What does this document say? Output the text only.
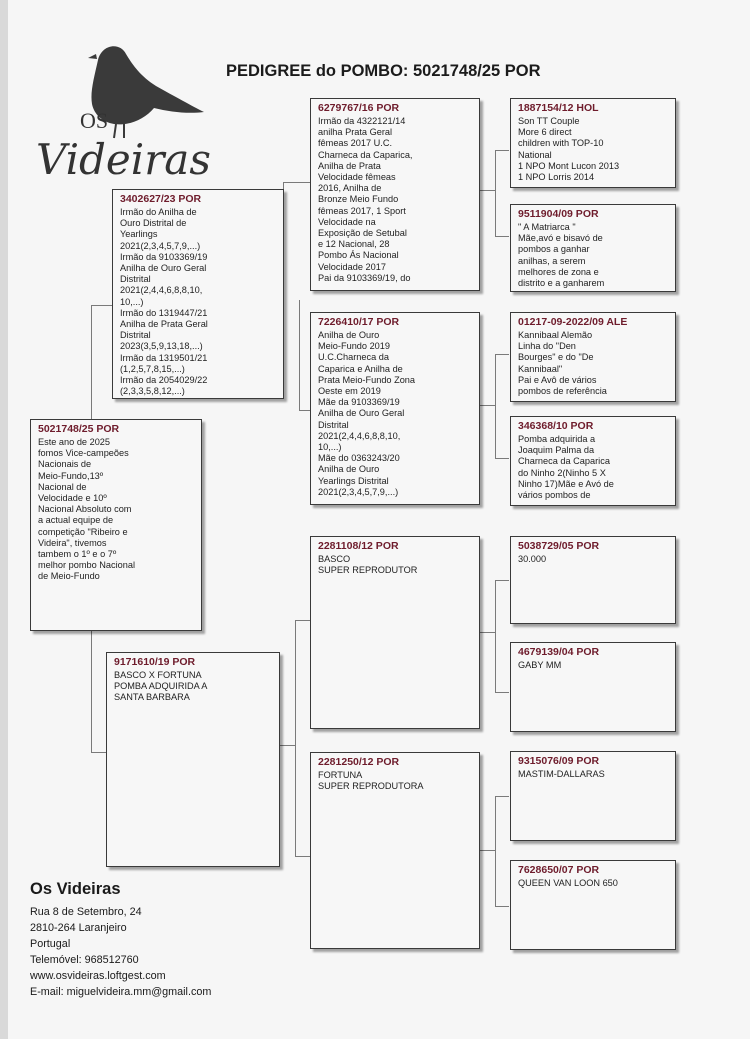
OS
Videiras
PEDIGREE do POMBO: 5021748/25 POR
5021748/25 POR
Este ano de 2025
fomos Vice-campeões
Nacionais de
Meio-Fundo,13º
Nacional de
Velocidade e 10º
Nacional Absoluto com
a actual equipe de
competição "Ribeiro e
Videira", tivemos
tambem o 1º e o 7º
melhor pombo Nacional
de Meio-Fundo
3402627/23 POR
Irmão do Anilha de
Ouro Distrital de
Yearlings
2021(2,3,4,5,7,9,...)
Irmão da 9103369/19
Anilha de Ouro Geral
Distrital
2021(2,4,4,6,8,8,10,
10,...)
Irmão do 1319447/21
Anilha de Prata Geral
Distrital
2023(3,5,9,13,18,...)
Irmão da 1319501/21
(1,2,5,7,8,15,...)
Irmão da 2054029/22
(2,3,3,5,8,12,...)
9171610/19 POR
BASCO X FORTUNA
POMBA ADQUIRIDA A
SANTA BARBARA
6279767/16 POR
Irmão da 4322121/14
anilha Prata Geral
fêmeas 2017 U.C.
Charneca da Caparica,
Anilha de Prata
Velocidade fêmeas
2016, Anilha de
Bronze Meio Fundo
fêmeas 2017, 1 Sport
Velocidade na
Exposição de Setubal
e 12 Nacional, 28
Pombo Ás Nacional
Velocidade 2017
Pai da 9103369/19, do
7226410/17 POR
Anilha de Ouro
Meio-Fundo 2019
U.C.Charneca da
Caparica e Anilha de
Prata Meio-Fundo Zona
Oeste em 2019
Mãe da 9103369/19
Anilha de Ouro Geral
Distrital
2021(2,4,4,6,8,8,10,
10,...)
Mãe do 0363243/20
Anilha de Ouro
Yearlings Distrital
2021(2,3,4,5,7,9,...)
2281108/12 POR
BASCO
SUPER REPRODUTOR
2281250/12 POR
FORTUNA
SUPER REPRODUTORA
1887154/12 HOL
Son TT Couple
More 6 direct
children with TOP-10
National
1 NPO Mont Lucon 2013
1 NPO Lorris 2014
9511904/09 POR
" A Matriarca "
Mãe,avó e bisavó de
pombos a ganhar
anilhas, a serem
melhores de zona e
distrito e a ganharem
01217-09-2022/09 ALE
Kannibaal Alemão
Linha do "Den
Bourges" e do "De
Kannibaal"
Pai e Avô de vários
pombos de referência
346368/10 POR
Pomba adquirida a
Joaquim Palma da
Charneca da Caparica
do Ninho 2(Ninho 5 X
Ninho 17)Mãe e Avó de
vários pombos de
5038729/05 POR
30.000
4679139/04 POR
GABY MM
9315076/09 POR
MASTIM-DALLARAS
7628650/07 POR
QUEEN VAN LOON 650
Os Videiras
Rua 8 de Setembro, 24
2810-264 Laranjeiro
Portugal
Telemóvel: 968512760
www.osvideiras.loftgest.com
E-mail: miguelvideira.mm@gmail.com
